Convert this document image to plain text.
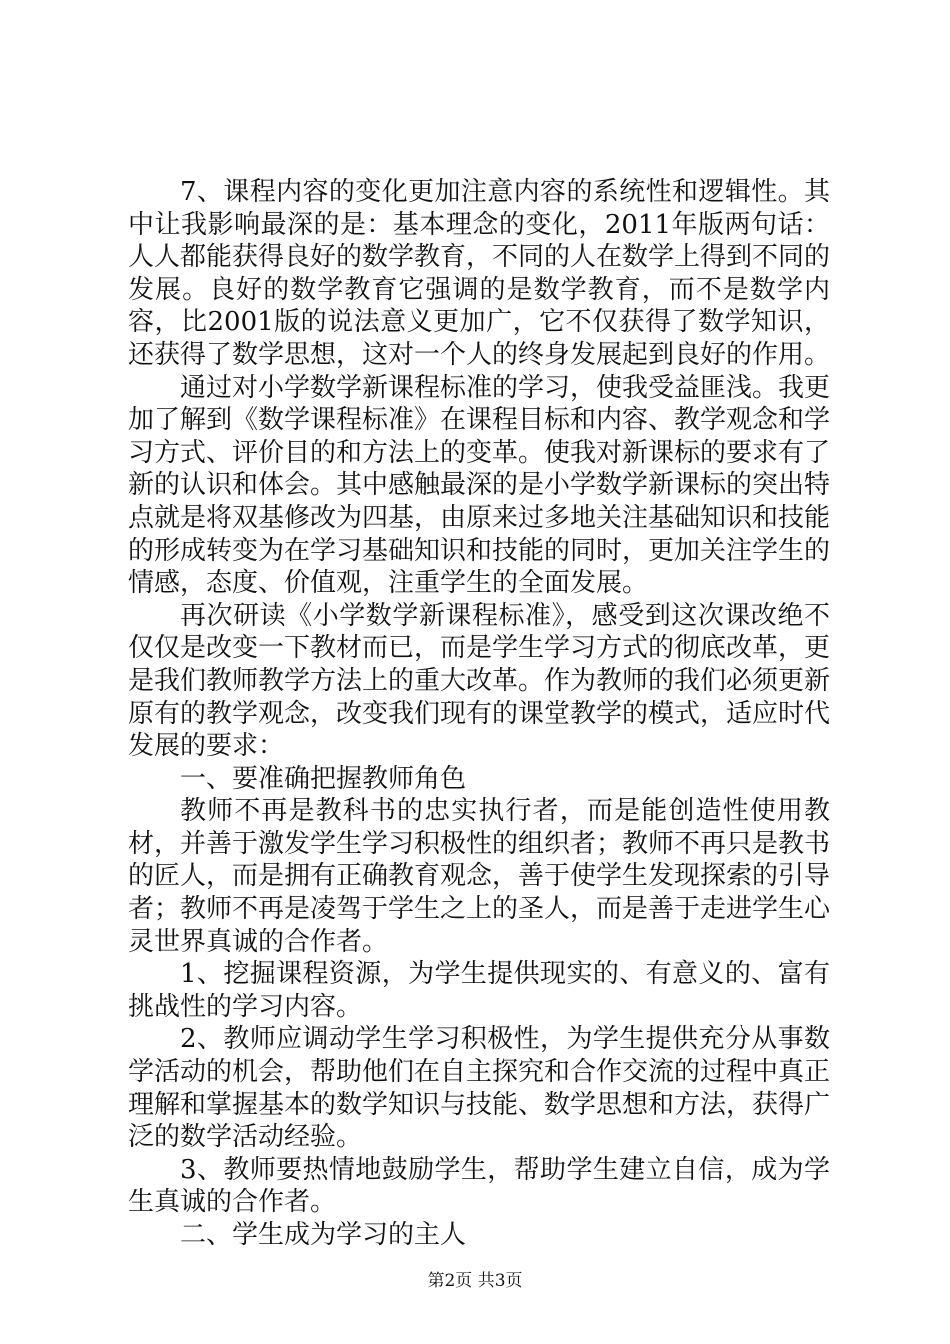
7、课程内容的变化更加注意内容的系统性和逻辑性。其中让我影响最深的是：基本理念的变化，2011年版两句话：人人都能获得良好的数学教育，不同的人在数学上得到不同的发展。良好的数学教育它强调的是数学教育，而不是数学内容，比2001版的说法意义更加广，它不仅获得了数学知识，还获得了数学思想，这对一个人的终身发展起到良好的作用。

通过对小学数学新课程标准的学习，使我受益匪浅。我更加了解到《数学课程标准》在课程目标和内容、教学观念和学习方式、评价目的和方法上的变革。使我对新课标的要求有了新的认识和体会。其中感触最深的是小学数学新课标的突出特点就是将双基修改为四基，由原来过多地关注基础知识和技能的形成转变为在学习基础知识和技能的同时，更加关注学生的情感，态度、价值观，注重学生的全面发展。

再次研读《小学数学新课程标准》，感受到这次课改绝不仅仅是改变一下教材而已，而是学生学习方式的彻底改革，更是我们教师教学方法上的重大改革。作为教师的我们必须更新原有的教学观念，改变我们现有的课堂教学的模式，适应时代发展的要求：

一、要准确把握教师角色

教师不再是教科书的忠实执行者，而是能创造性使用教材，并善于激发学生学习积极性的组织者；教师不再只是教书的匠人，而是拥有正确教育观念，善于使学生发现探索的引导者；教师不再是凌驾于学生之上的圣人，而是善于走进学生心灵世界真诚的合作者。

1、挖掘课程资源，为学生提供现实的、有意义的、富有挑战性的学习内容。

2、教师应调动学生学习积极性，为学生提供充分从事数学活动的机会，帮助他们在自主探究和合作交流的过程中真正理解和掌握基本的数学知识与技能、数学思想和方法，获得广泛的数学活动经验。

3、教师要热情地鼓励学生，帮助学生建立自信，成为学生真诚的合作者。

二、学生成为学习的主人

第2页 共3页
